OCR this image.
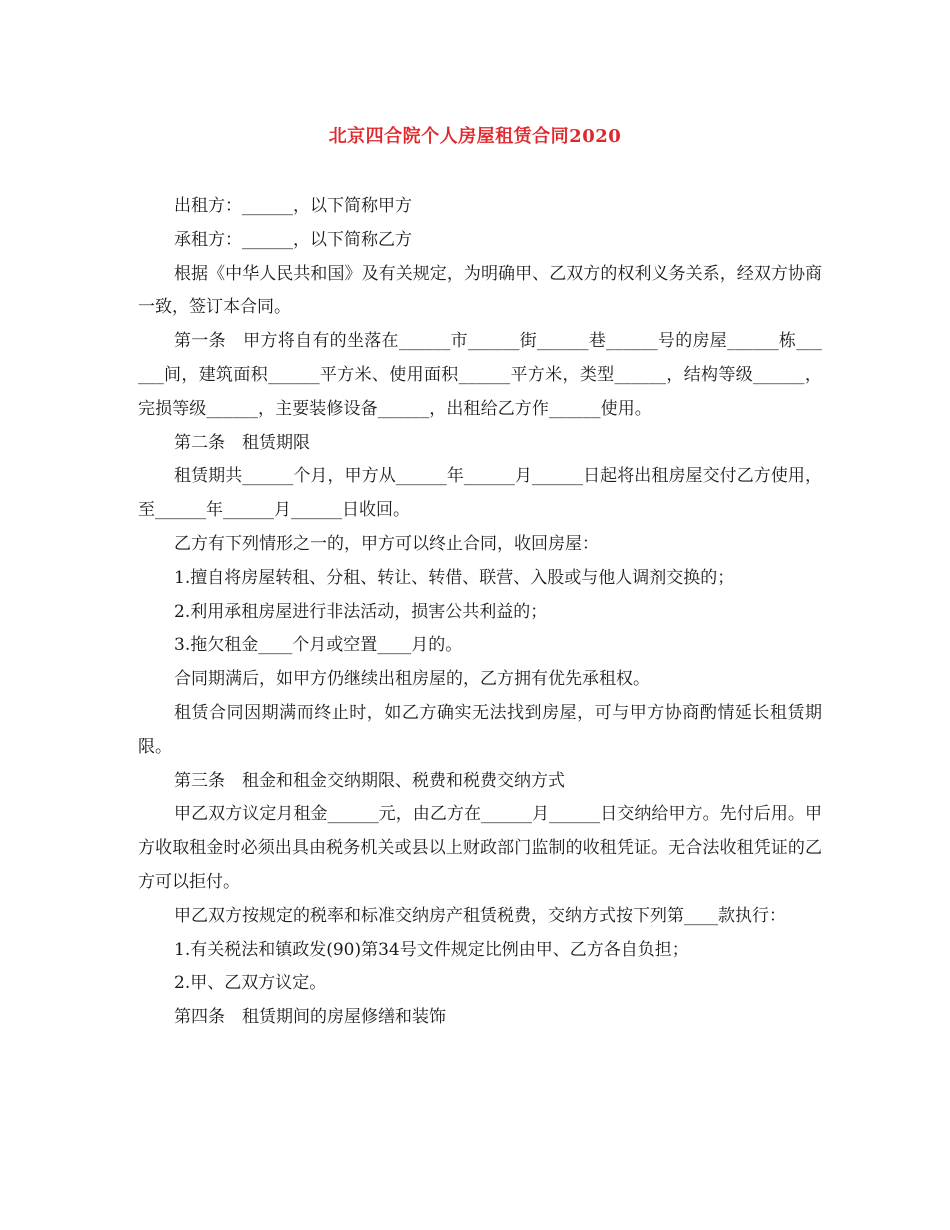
北京四合院个人房屋租赁合同2020

出租方：______，以下简称甲方

承租方：______，以下简称乙方

根据《中华人民共和国》及有关规定，为明确甲、乙双方的权利义务关系，经双方协商一致，签订本合同。

第一条　甲方将自有的坐落在______市______街______巷______号的房屋______栋______间，建筑面积______平方米、使用面积______平方米，类型______，结构等级______，完损等级______，主要装修设备______，出租给乙方作______使用。

第二条　租赁期限

租赁期共______个月，甲方从______年______月______日起将出租房屋交付乙方使用，至______年______月______日收回。

乙方有下列情形之一的，甲方可以终止合同，收回房屋：

1.擅自将房屋转租、分租、转让、转借、联营、入股或与他人调剂交换的；

2.利用承租房屋进行非法活动，损害公共利益的；

3.拖欠租金____个月或空置____月的。

合同期满后，如甲方仍继续出租房屋的，乙方拥有优先承租权。

租赁合同因期满而终止时，如乙方确实无法找到房屋，可与甲方协商酌情延长租赁期限。

第三条　租金和租金交纳期限、税费和税费交纳方式

甲乙双方议定月租金______元，由乙方在______月______日交纳给甲方。先付后用。甲方收取租金时必须出具由税务机关或县以上财政部门监制的收租凭证。无合法收租凭证的乙方可以拒付。

甲乙双方按规定的税率和标准交纳房产租赁税费，交纳方式按下列第____款执行：

1.有关税法和镇政发(90)第34号文件规定比例由甲、乙方各自负担；

2.甲、乙双方议定。

第四条　租赁期间的房屋修缮和装饰
